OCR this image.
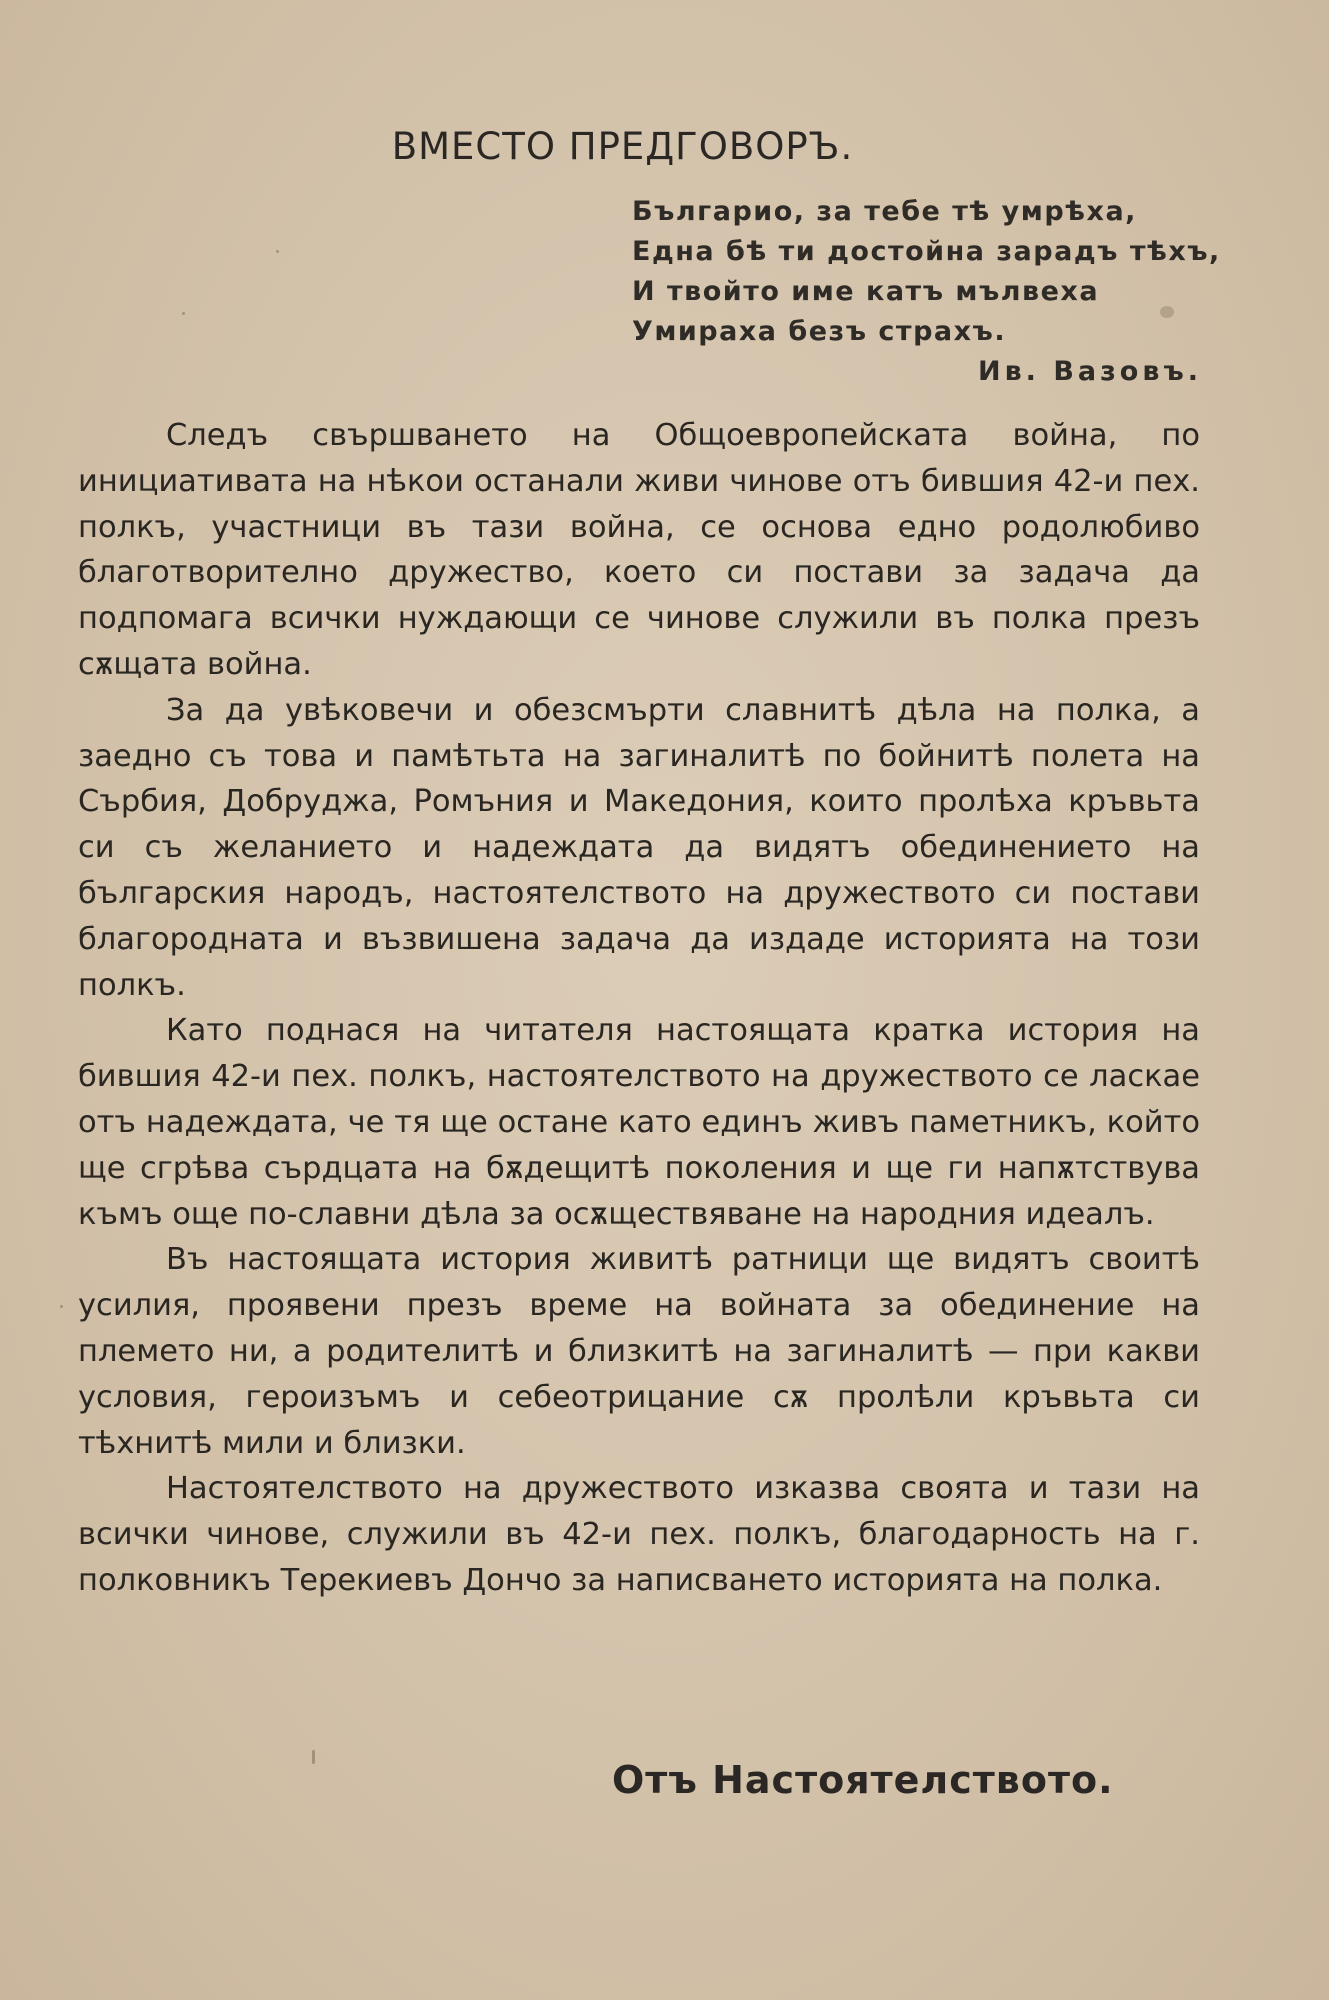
ВМЕСТО ПРЕДГОВОРЪ.
Българио, за тебе тѣ умрѣха,
Една бѣ ти достойна зарадъ тѣхъ,
И твойто име катъ мълвеха
Умираха безъ страхъ.
Ив. Вазовъ.

Следъ свършването на Общоевропейската война, по инициативата на нѣкои останали живи чинове отъ бившия 42-и пех. полкъ, участници въ тази война, се основа едно родолюбиво благотворително дружество, което си постави за задача да подпомага всички нуждающи се чинове служили въ полка презъ сѫщата война.

За да увѣковечи и обезсмърти славнитѣ дѣла на полка, а заедно съ това и памѣтьта на загиналитѣ по бойнитѣ полета на Сърбия, Добруджа, Ромъния и Македония, които пролѣха кръвьта си съ желанието и надеждата да видятъ обединението на българския народъ, настоятелството на дружеството си постави благородната и възвишена задача да издаде историята на този полкъ.

Като поднася на читателя настоящата кратка история на бившия 42-и пех. полкъ, настоятелството на дружеството се ласкае отъ надеждата, че тя ще остане като единъ живъ паметникъ, който ще сгрѣва сърдцата на бѫдещитѣ поколения и ще ги напѫтствува къмъ още по-славни дѣла за осѫществяване на народния идеалъ.

Въ настоящата история живитѣ ратници ще видятъ своитѣ усилия, проявени презъ време на войната за обединение на племето ни, а родителитѣ и близкитѣ на загиналитѣ — при какви условия, героизъмъ и себеотрицание сѫ пролѣли кръвьта си тѣхнитѣ мили и близки.

Настоятелството на дружеството изказва своята и тази на всички чинове, служили въ 42-и пех. полкъ, благодарность на г. полковникъ Терекиевъ Дончо за написването историята на полка.

Отъ Настоятелството.
